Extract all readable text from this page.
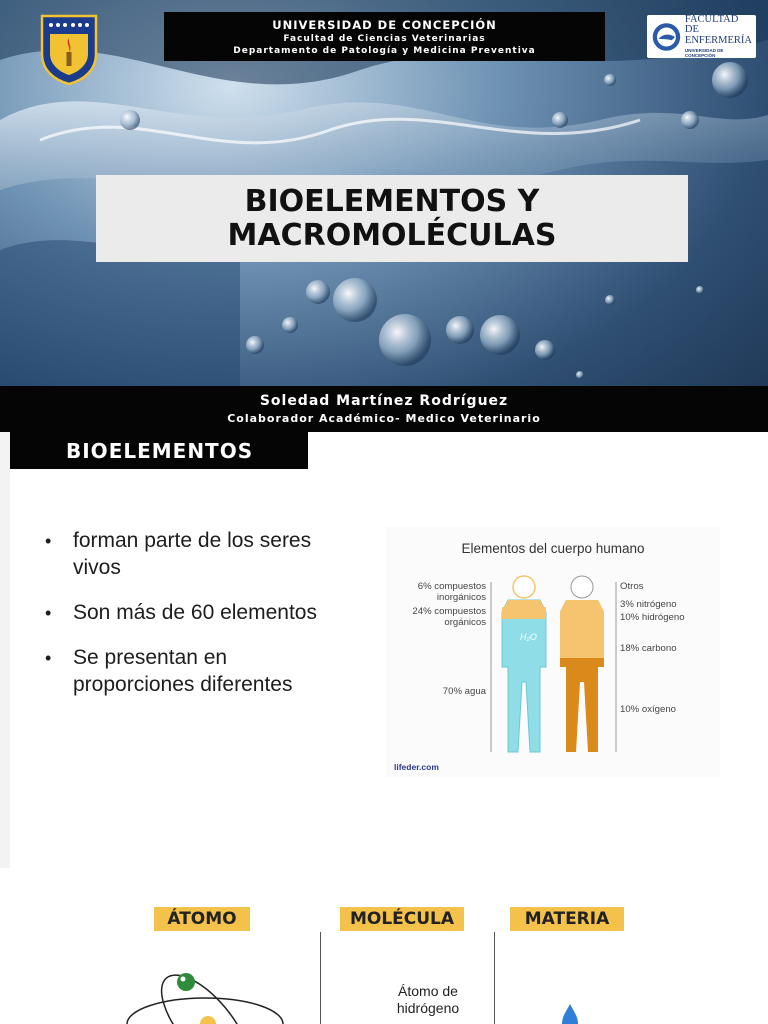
UNIVERSIDAD DE CONCEPCIÓN
Facultad de Ciencias Veterinarias
Departamento de Patología y Medicina Preventiva
FACULTAD DE
ENFERMERÍA
UNIVERSIDAD DE CONCEPCIÓN
BIOELEMENTOS Y
MACROMOLÉCULAS
Soledad Martínez Rodríguez
Colaborador Académico- Medico Veterinario
BIOELEMENTOS
•	forman parte de los seres vivos
•	Son más de 60 elementos
•	Se presentan en proporciones diferentes
Elementos del cuerpo humano
6% compuestos inorgánicos
24% compuestos orgánicos
70% agua
Otros
3% nitrógeno
10% hidrógeno
18% carbono
10% oxígeno
H₂O
lifeder.com
ÁTOMO	MOLÉCULA	MATERIA
Átomo de hidrógeno
